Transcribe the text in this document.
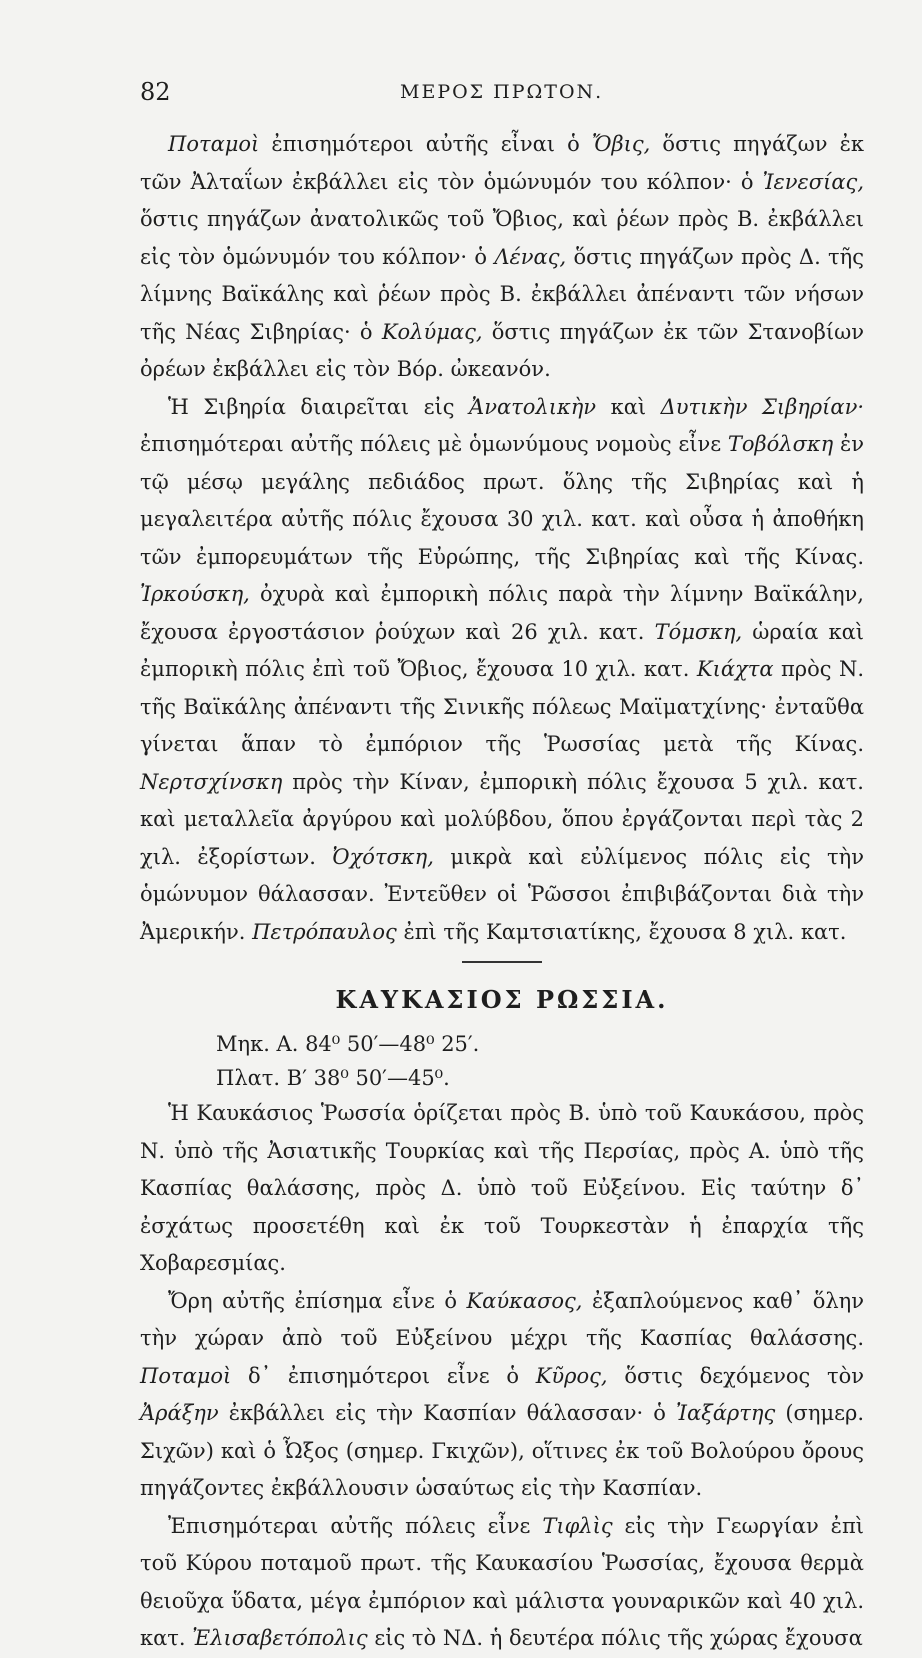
82	ΜΕΡΟΣ ΠΡΩΤΟΝ.

Ποταμοὶ ἐπισημότεροι αὐτῆς εἶναι ὁ Ὄβις, ὅστις πηγάζων ἐκ τῶν Ἀλταΐων ἐκβάλλει εἰς τὸν ὁμώνυμόν του κόλπον· ὁ Ἰενεσίας, ὅστις πηγάζων ἀνατολικῶς τοῦ Ὄβιος, καὶ ῥέων πρὸς Β. ἐκβάλλει εἰς τὸν ὁμώνυμόν του κόλπον· ὁ Λένας, ὅστις πηγάζων πρὸς Δ. τῆς λίμνης Βαϊκάλης καὶ ῥέων πρὸς Β. ἐκβάλλει ἀπέναντι τῶν νήσων τῆς Νέας Σιβηρίας· ὁ Κολύμας, ὅστις πηγάζων ἐκ τῶν Στανοβίων ὀρέων ἐκβάλλει εἰς τὸν Βόρ. ὠκεανόν.

Ἡ Σιβηρία διαιρεῖται εἰς Ἀνατολικὴν καὶ Δυτικὴν Σιβηρίαν· ἐπισημότεραι αὐτῆς πόλεις μὲ ὁμωνύμους νομοὺς εἶνε Τοβόλσκη ἐν τῷ μέσῳ μεγάλης πεδιάδος πρωτ. ὅλης τῆς Σιβηρίας καὶ ἡ μεγαλειτέρα αὐτῆς πόλις ἔχουσα 30 χιλ. κατ. καὶ οὖσα ἡ ἀποθήκη τῶν ἐμπορευμάτων τῆς Εὐρώπης, τῆς Σιβηρίας καὶ τῆς Κίνας. Ἰρκούσκη, ὀχυρὰ καὶ ἐμπορικὴ πόλις παρὰ τὴν λίμνην Βαϊκάλην, ἔχουσα ἐργοστάσιον ῥούχων καὶ 26 χιλ. κατ. Τόμσκη, ὡραία καὶ ἐμπορικὴ πόλις ἐπὶ τοῦ Ὄβιος, ἔχουσα 10 χιλ. κατ. Κιάχτα πρὸς Ν. τῆς Βαϊκάλης ἀπέναντι τῆς Σινικῆς πόλεως Μαϊματχίνης· ἐνταῦθα γίνεται ἅπαν τὸ ἐμπόριον τῆς Ῥωσσίας μετὰ τῆς Κίνας. Νερτσχίνσκη πρὸς τὴν Κίναν, ἐμπορικὴ πόλις ἔχουσα 5 χιλ. κατ. καὶ μεταλλεῖα ἀργύρου καὶ μολύβδου, ὅπου ἐργάζονται περὶ τὰς 2 χιλ. ἐξορίστων. Ὀχότσκη, μικρὰ καὶ εὐλίμενος πόλις εἰς τὴν ὁμώνυμον θάλασσαν. Ἐντεῦθεν οἱ Ῥῶσσοι ἐπιβιβάζονται διὰ τὴν Ἀμερικήν. Πετρόπαυλος ἐπὶ τῆς Καμτσιατίκης, ἔχουσα 8 χιλ. κατ.

ΚΑΥΚΑΣΙΟΣ ΡΩΣΣΙΑ.
Μηκ. Α. 84⁰ 50′—48⁰ 25′.
Πλατ. Β′ 38⁰ 50′—45⁰.

Ἡ Καυκάσιος Ῥωσσία ὁρίζεται πρὸς Β. ὑπὸ τοῦ Καυκάσου, πρὸς Ν. ὑπὸ τῆς Ἀσιατικῆς Τουρκίας καὶ τῆς Περσίας, πρὸς Α. ὑπὸ τῆς Κασπίας θαλάσσης, πρὸς Δ. ὑπὸ τοῦ Εὐξείνου. Εἰς ταύτην δ᾽ ἐσχάτως προσετέθη καὶ ἐκ τοῦ Τουρκεστὰν ἡ ἐπαρχία τῆς Χοβαρεσμίας.

Ὄρη αὐτῆς ἐπίσημα εἶνε ὁ Καύκασος, ἐξαπλούμενος καθ᾽ ὅλην τὴν χώραν ἀπὸ τοῦ Εὐξείνου μέχρι τῆς Κασπίας θαλάσσης. Ποταμοὶ δ᾽ ἐπισημότεροι εἶνε ὁ Κῦρος, ὅστις δεχόμενος τὸν Ἀράξην ἐκβάλλει εἰς τὴν Κασπίαν θάλασσαν· ὁ Ἰαξάρτης (σημερ. Σιχῶν) καὶ ὁ Ὦξος (σημερ. Γκιχῶν), οἵτινες ἐκ τοῦ Βολούρου ὄρους πηγάζοντες ἐκβάλλουσιν ὡσαύτως εἰς τὴν Κασπίαν.

Ἐπισημότεραι αὐτῆς πόλεις εἶνε Τιφλὶς εἰς τὴν Γεωργίαν ἐπὶ τοῦ Κύρου ποταμοῦ πρωτ. τῆς Καυκασίου Ῥωσσίας, ἔχουσα θερμὰ θειοῦχα ὕδατα, μέγα ἐμπόριον καὶ μάλιστα γουναρικῶν καὶ 40 χιλ. κατ. Ἐλισαβετόπολις εἰς τὸ ΝΔ. ἡ δευτέρα πόλις τῆς χώρας ἔχουσα
